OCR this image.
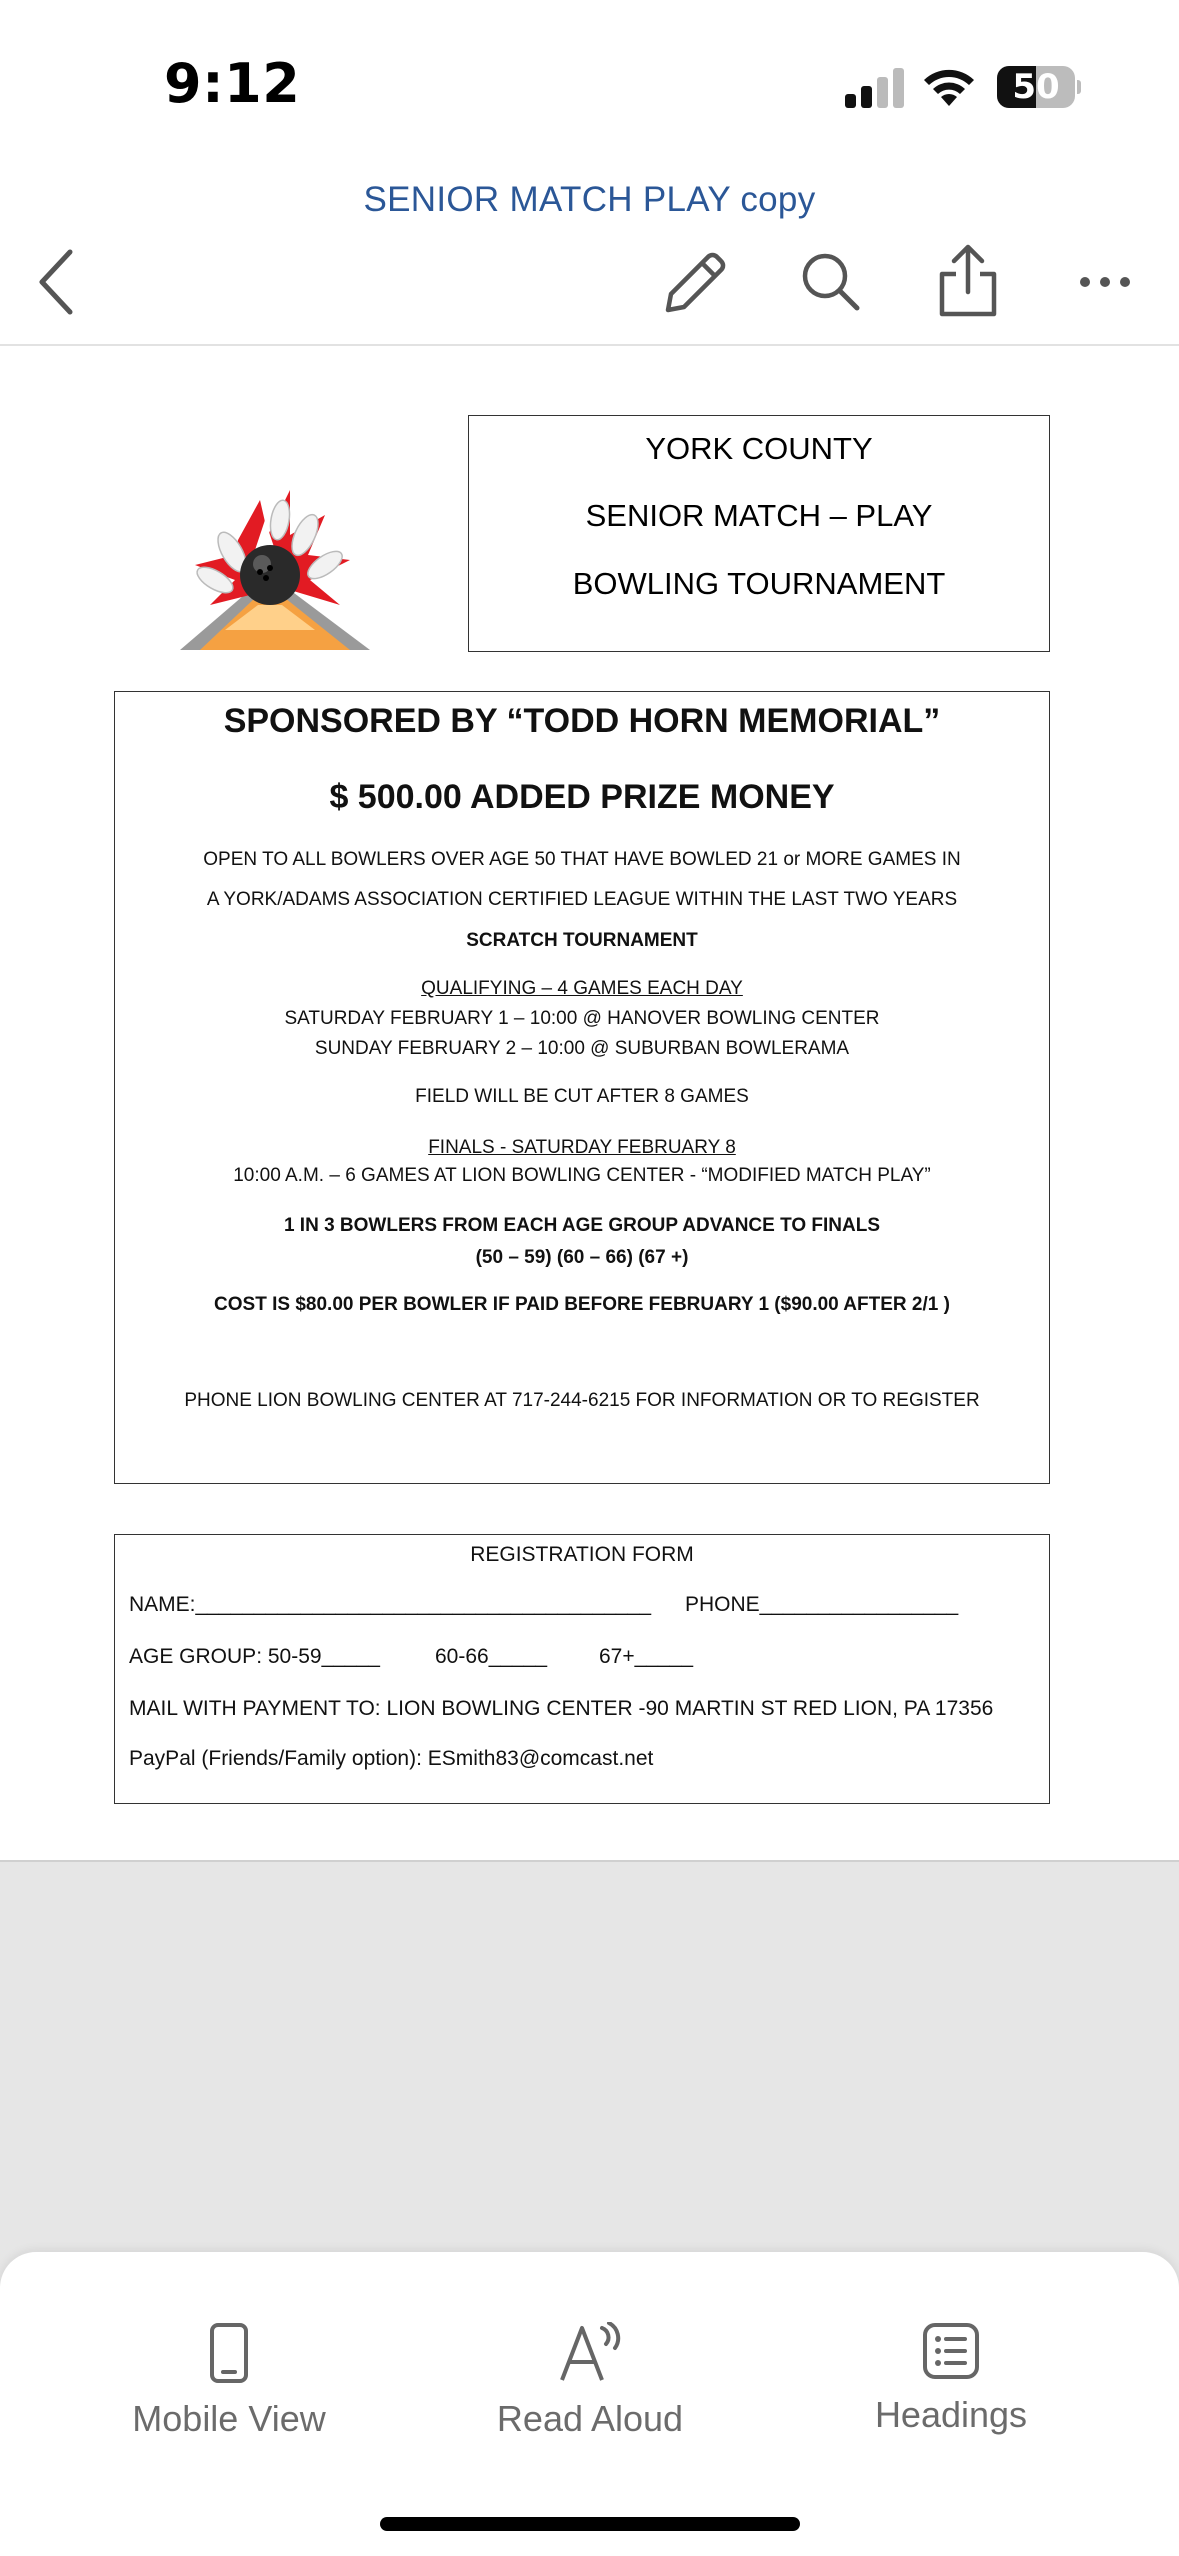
9:12	50
SENIOR MATCH PLAY copy
YORK COUNTY
SENIOR MATCH – PLAY
BOWLING TOURNAMENT
SPONSORED BY “TODD HORN MEMORIAL”
$ 500.00 ADDED PRIZE MONEY
OPEN TO ALL BOWLERS OVER AGE 50 THAT HAVE BOWLED 21 or MORE GAMES IN
A YORK/ADAMS ASSOCIATION CERTIFIED LEAGUE WITHIN THE LAST TWO YEARS
SCRATCH TOURNAMENT
QUALIFYING – 4 GAMES EACH DAY
SATURDAY FEBRUARY 1 – 10:00 @ HANOVER BOWLING CENTER
SUNDAY FEBRUARY 2 – 10:00 @ SUBURBAN BOWLERAMA
FIELD WILL BE CUT AFTER 8 GAMES
FINALS - SATURDAY FEBRUARY 8
10:00 A.M. – 6 GAMES AT LION BOWLING CENTER - “MODIFIED MATCH PLAY”
1 IN 3 BOWLERS FROM EACH AGE GROUP ADVANCE TO FINALS
(50 – 59) (60 – 66) (67 +)
COST IS $80.00 PER BOWLER IF PAID BEFORE FEBRUARY 1 ($90.00 AFTER 2/1 )
PHONE LION BOWLING CENTER AT 717-244-6215 FOR INFORMATION OR TO REGISTER
REGISTRATION FORM
NAME:_______________________________________ PHONE_________________
AGE GROUP: 50-59_____	60-66_____ 67+_____
MAIL WITH PAYMENT TO: LION BOWLING CENTER -90 MARTIN ST RED LION, PA 17356
PayPal (Friends/Family option): ESmith83@comcast.net
Mobile View	Read Aloud	Headings
